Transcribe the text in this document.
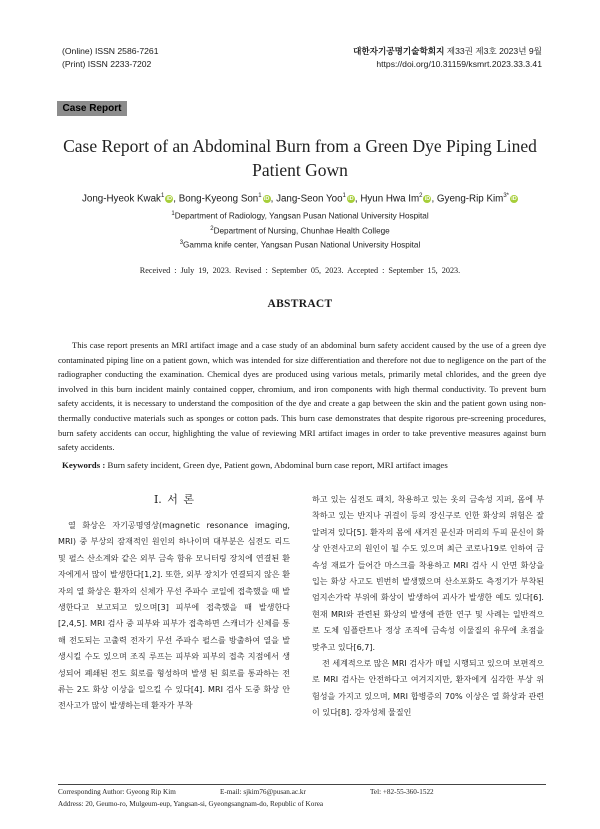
(Online) ISSN 2586-7261
(Print) ISSN 2233-7202
대한자기공명기술학회지 제33권 제3호 2023년 9월
https://doi.org/10.31159/ksmrt.2023.33.3.41
Case Report
Case Report of an Abdominal Burn from a Green Dye Piping Lined Patient Gown
Jong-Hyeok Kwak$^1$ iD, Bong-Kyeong Son$^1$ iD, Jang-Seon Yoo$^1$ iD, Hyun Hwa Im$^2$ iD, Gyeng-Rip Kim$^{3*}$ iD
$^1$Department of Radiology, Yangsan Pusan National University Hospital
$^2$Department of Nursing, Chunhae Health College
$^3$Gamma knife center, Yangsan Pusan National University Hospital
Received : July 19, 2023. Revised : September 05, 2023. Accepted : September 15, 2023.
ABSTRACT
This case report presents an MRI artifact image and a case study of an abdominal burn safety accident caused by the use of a green dye contaminated piping line on a patient gown, which was intended for size differentiation and therefore not due to negligence on the part of the radiographer conducting the examination. Chemical dyes are produced using various metals, primarily metal chlorides, and the green dye involved in this burn incident mainly contained copper, chromium, and iron components with high thermal conductivity. To prevent burn safety accidents, it is necessary to understand the composition of the dye and create a gap between the skin and the patient gown using non-thermally conductive materials such as sponges or cotton pads. This burn case demonstrates that despite rigorous pre-screening procedures, burn safety accidents can occur, highlighting the value of reviewing MRI artifact images in order to take preventive measures against burn safety accidents.
Keywords : Burn safety incident, Green dye, Patient gown, Abdominal burn case report, MRI artifact images
Ⅰ. 서 론

열 화상은 자기공명영상(magnetic resonance imaging, MRI) 중 부상의 잠재적인 원인의 하나이며 대부분은 심전도 리드 및 펄스 산소계와 같은 외부 금속 함유 모니터링 장치에 연결된 환자에게서 많이 발생한다[1,2]. 또한, 외부 장치가 연결되지 않은 환자의 열 화상은 환자의 신체가 무선 주파수 코일에 접촉했을 때 발생한다고 보고되고 있으며[3] 피부에 접촉했을 때 발생한다[2,4,5]. MRI 검사 중 피부와 피부가 접촉하면 스캐너가 신체를 통해 전도되는 고출력 전자기 무선 주파수 펄스를 방출하여 열을 발생시킬 수도 있으며 조직 루프는 피부와 피부의 접촉 지점에서 생성되어 폐쇄된 전도 회로를 형성하며 발생 된 회로를 통과하는 전류는 2도 화상 이상을 일으킬 수 있다[4]. MRI 검사 도중 화상 안전사고가 많이 발생하는데 환자가 부착

하고 있는 심전도 패치, 착용하고 있는 옷의 금속성 지퍼, 몸에 부착하고 있는 반지나 귀걸이 등의 장신구로 인한 화상의 위험은 잘 알려져 있다[5]. 환자의 몸에 새겨진 문신과 머리의 두피 문신이 화상 안전사고의 원인이 될 수도 있으며 최근 코로나19로 인하여 금속성 재료가 들어간 마스크를 착용하고 MRI 검사 시 안면 화상을 입는 화상 사고도 빈번히 발생했으며 산소포화도 측정기가 부착된 엄지손가락 부위에 화상이 발생하여 괴사가 발생한 예도 있다[6]. 현재 MRI와 관련된 화상의 발생에 관한 연구 및 사례는 일반적으로 도체 임플란트나 정상 조직에 금속성 이물질의 유무에 초점을 맞추고 있다[6,7].

전 세계적으로 많은 MRI 검사가 매일 시행되고 있으며 보편적으로 MRI 검사는 안전하다고 여겨지지만, 환자에게 심각한 부상 위험성을 가지고 있으며, MRI 합병증의 70% 이상은 열 화상과 관련이 있다[8]. 강자성체 물질인

Corresponding Author: Gyeong Rip Kim	E-mail: sjkim76@pusan.ac.kr	Tel: +82-55-360-1522
Address: 20, Geumo-ro, Mulgeum-eup, Yangsan-si, Gyeongsangnam-do, Republic of Korea
